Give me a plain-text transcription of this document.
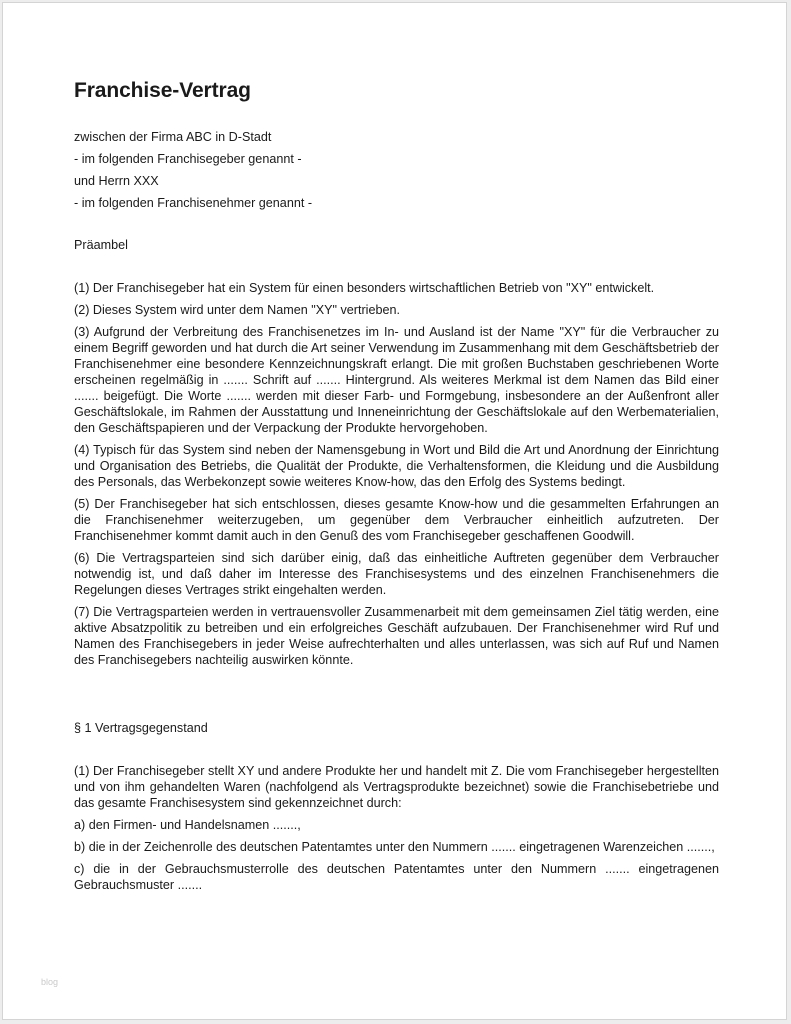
Franchise-Vertrag

zwischen der Firma ABC in D-Stadt

- im folgenden Franchisegeber genannt -

und Herrn XXX

- im folgenden Franchisenehmer genannt -

Präambel

(1) Der Franchisegeber hat ein System für einen besonders wirtschaftlichen Betrieb von "XY" entwickelt.

(2) Dieses System wird unter dem Namen "XY" vertrieben.

(3) Aufgrund der Verbreitung des Franchisenetzes im In- und Ausland ist der Name "XY" für die Verbraucher zu einem Begriff geworden und hat durch die Art seiner Verwendung im Zusammenhang mit dem Geschäftsbetrieb der Franchisenehmer eine besondere Kennzeichnungskraft erlangt. Die mit großen Buchstaben geschriebenen Worte erscheinen regelmäßig in ....... Schrift auf ....... Hintergrund. Als weiteres Merkmal ist dem Namen das Bild einer ....... beigefügt. Die Worte ....... werden mit dieser Farb- und Formgebung, insbesondere an der Außenfront aller Geschäftslokale, im Rahmen der Ausstattung und Inneneinrichtung der Geschäftslokale auf den Werbematerialien, den Geschäftspapieren und der Verpackung der Produkte hervorgehoben.

(4) Typisch für das System sind neben der Namensgebung in Wort und Bild die Art und Anordnung der Einrichtung und Organisation des Betriebs, die Qualität der Produkte, die Verhaltensformen, die Kleidung und die Ausbildung des Personals, das Werbekonzept sowie weiteres Know-how, das den Erfolg des Systems bedingt.

(5) Der Franchisegeber hat sich entschlossen, dieses gesamte Know-how und die gesammelten Erfahrungen an die Franchisenehmer weiterzugeben, um gegenüber dem Verbraucher einheitlich aufzutreten. Der Franchisenehmer kommt damit auch in den Genuß des vom Franchisegeber geschaffenen Goodwill.

(6) Die Vertragsparteien sind sich darüber einig, daß das einheitliche Auftreten gegenüber dem Verbraucher notwendig ist, und daß daher im Interesse des Franchisesystems und des einzelnen Franchisenehmers die Regelungen dieses Vertrages strikt eingehalten werden.

(7) Die Vertragsparteien werden in vertrauensvoller Zusammenarbeit mit dem gemeinsamen Ziel tätig werden, eine aktive Absatzpolitik zu betreiben und ein erfolgreiches Geschäft aufzubauen. Der Franchisenehmer wird Ruf und Namen des Franchisegebers in jeder Weise aufrechterhalten und alles unterlassen, was sich auf Ruf und Namen des Franchisegebers nachteilig auswirken könnte.

§ 1 Vertragsgegenstand

(1) Der Franchisegeber stellt XY und andere Produkte her und handelt mit Z. Die vom Franchisegeber hergestellten und von ihm gehandelten Waren (nachfolgend als Vertragsprodukte bezeichnet) sowie die Franchisebetriebe und das gesamte Franchisesystem sind gekennzeichnet durch:

a) den Firmen- und Handelsnamen .......,

b) die in der Zeichenrolle des deutschen Patentamtes unter den Nummern ....... eingetragenen Warenzeichen .......,

c) die in der Gebrauchsmusterrolle des deutschen Patentamtes unter den Nummern ....... eingetragenen Gebrauchsmuster .......

blog
